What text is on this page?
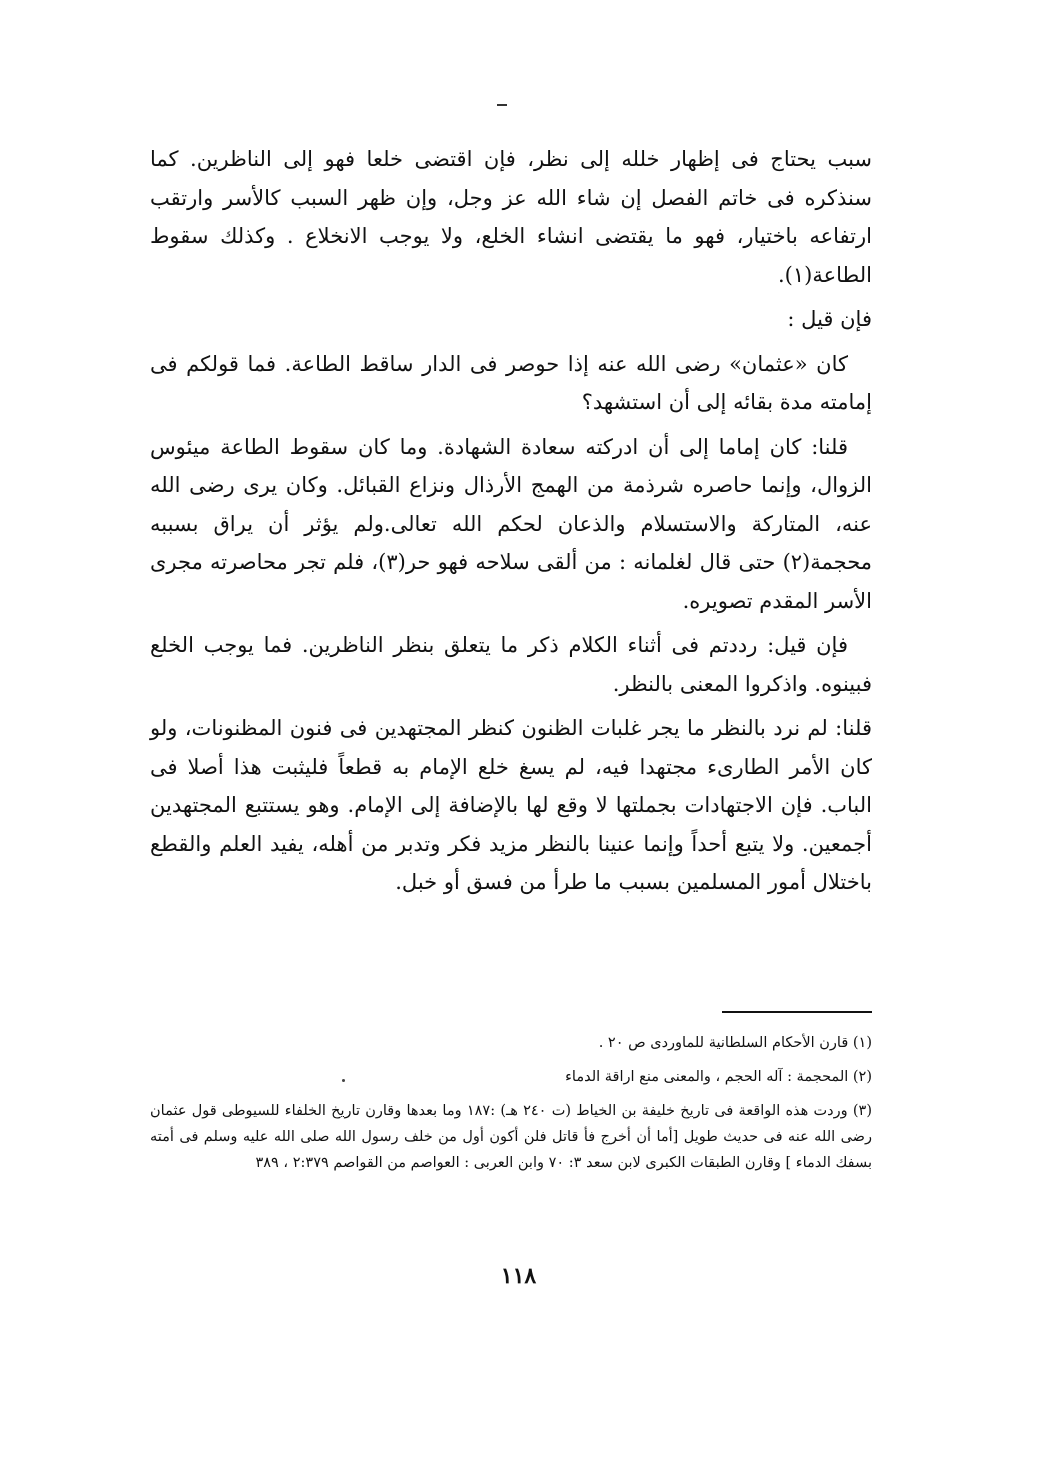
سبب يحتاج فى إظهار خلله إلى نظر، فإن اقتضى خلعا فهو إلى الناظرين. كما سنذكره فى خاتم الفصل إن شاء الله عز وجل، وإن ظهر السبب كالأسر وارتقب ارتفاعه باختيار، فهو ما يقتضى انشاء الخلع، ولا يوجب الانخلاع . وكذلك سقوط الطاعة(١).

فإن قيل :

كان «عثمان» رضى الله عنه إذا حوصر فى الدار ساقط الطاعة. فما قولكم فى إمامته مدة بقائه إلى أن استشهد؟

قلنا: كان إماما إلى أن ادركته سعادة الشهادة. وما كان سقوط الطاعة ميئوس الزوال، وإنما حاصره شرذمة من الهمج الأرذال ونزاع القبائل. وكان يرى رضى الله عنه، المتاركة والاستسلام والذعان لحكم الله تعالى.ولم يؤثر أن يراق بسببه محجمة(٢) حتى قال لغلمانه : من ألقى سلاحه فهو حر(٣)، فلم تجر محاصرته مجرى الأسر المقدم تصويره.

فإن قيل: رددتم فى أثناء الكلام ذكر ما يتعلق بنظر الناظرين. فما يوجب الخلع فبينوه. واذكروا المعنى بالنظر.

قلنا: لم نرد بالنظر ما يجر غلبات الظنون كنظر المجتهدين فى فنون المظنونات، ولو كان الأمر الطارىء مجتهدا فيه، لم يسغ خلع الإمام به قطعاً فليثبت هذا أصلا فى الباب. فإن الاجتهادات بجملتها لا وقع لها بالإضافة إلى الإمام. وهو يستتبع المجتهدين أجمعين. ولا يتبع أحداً وإنما عنينا بالنظر مزيد فكر وتدبر من أهله، يفيد العلم والقطع باختلال أمور المسلمين بسبب ما طرأ من فسق أو خبل.

(١) قارن الأحكام السلطانية للماوردى ص ٢٠ .

(٢) المحجمة : آله الحجم ، والمعنى منع اراقة الدماء

(٣) وردت هذه الواقعة فى تاريخ خليفة بن الخياط (ت ٢٤٠ هـ) :١٨٧ وما بعدها وقارن تاريخ الخلفاء للسيوطى قول عثمان رضى الله عنه فى حديث طويل [أما أن أخرج فأ قاتل فلن أكون أول من خلف رسول الله صلى الله عليه وسلم فى أمته بسفك الدماء ] وقارن الطبقات الكبرى لابن سعد ٣: ٧٠ وابن العربى : العواصم من القواصم ٢:٣٧٩ ، ٣٨٩

١١٨
